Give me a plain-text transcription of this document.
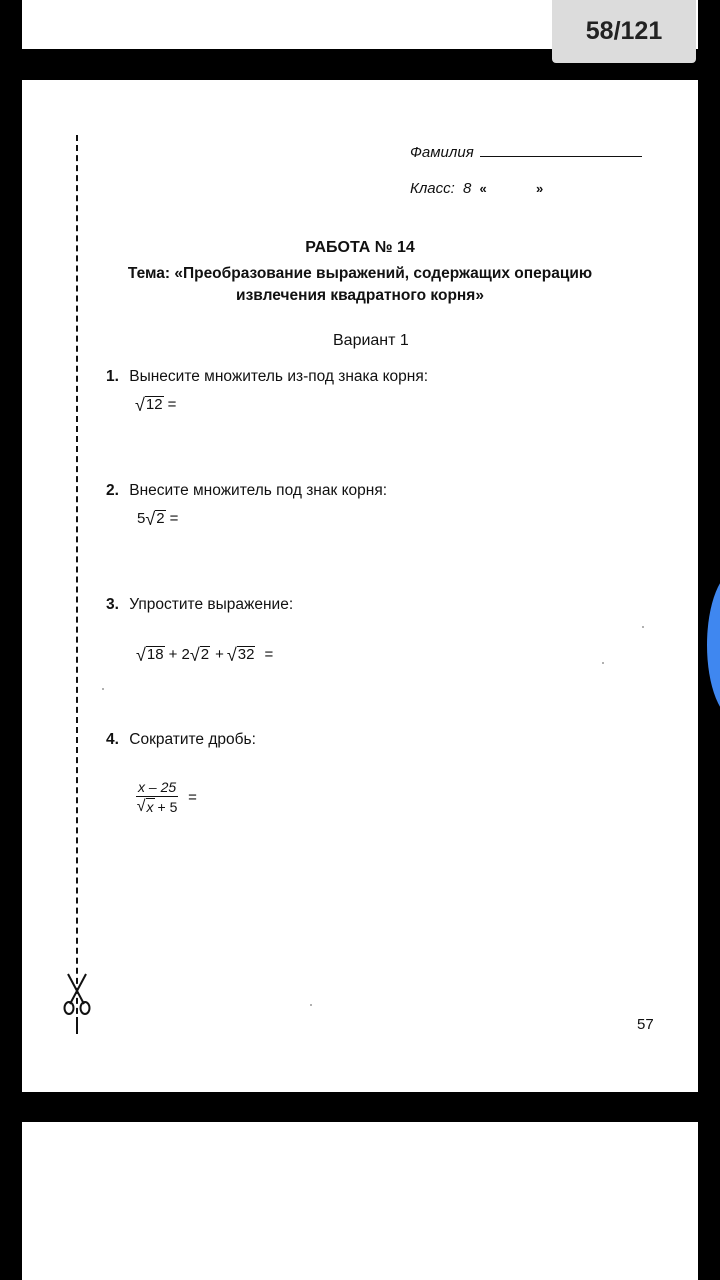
58/121
Фамилия
Класс: 8 «	»
РАБОТА № 14
Тема: «Преобразование выражений, содержащих операцию
извлечения квадратного корня»
Вариант 1
1. Вынесите множитель из-под знака корня:
√ 12 =
2. Внесите множитель под знак корня:
5 √ 2 =
3. Упростите выражение:
√ 18 + 2 √ 2 + √ 32 =
4. Сократите дробь:
$\frac{x - 25}{√ x + 5}$ =
57
